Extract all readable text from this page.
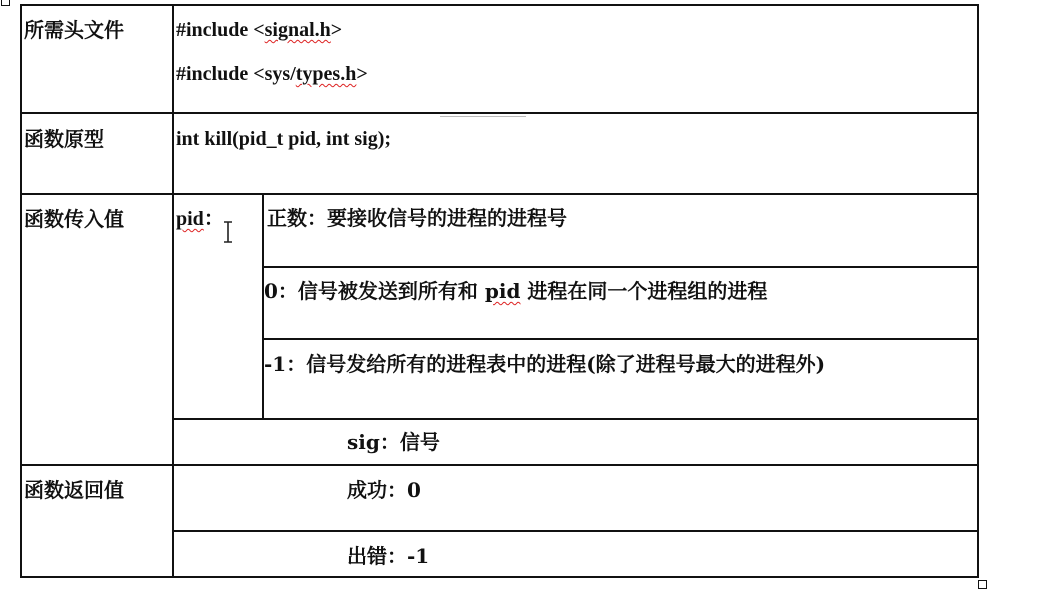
所需头文件	#include <signal.h>
#include <sys/types.h>
函数原型	int kill(pid_t pid, int sig);
函数传入值	pid： 正数：要接收信号的进程的进程号
0：信号被发送到所有和 pid 进程在同一个进程组的进程
-1：信号发给所有的进程表中的进程(除了进程号最大的进程外)
sig：信号
函数返回值	成功：0
出错：-1
